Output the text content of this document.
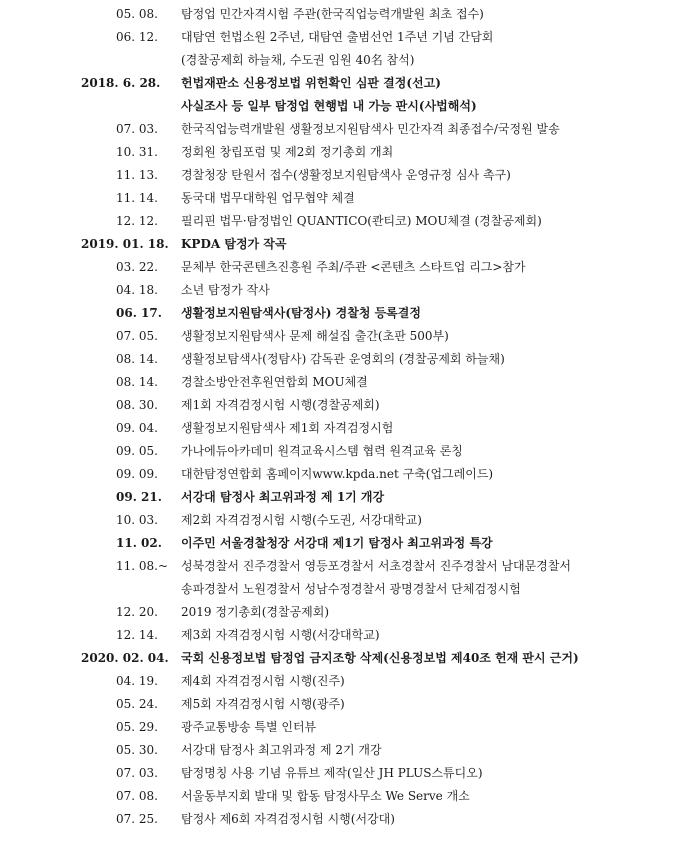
05. 08. 탐정업 민간자격시험 주관(한국직업능력개발원 최초 접수)
06. 12. 대탐연 헌법소원 2주년, 대탐연 출범선언 1주년 기념 간담회
(경찰공제회 하늘채, 수도권 임원 40名 참석)
2018. 6. 28. 헌법재판소 신용정보법 위헌확인 심판 결정(선고)
사실조사 등 일부 탐정업 현행법 내 가능 판시(사법해석)
07. 03. 한국직업능력개발원 생활정보지원탐색사 민간자격 최종접수/국정원 발송
10. 31. 정회원 창립포럼 및 제2회 정기총회 개최
11. 13. 경찰청장 탄원서 접수(생활정보지원탐색사 운영규정 심사 촉구)
11. 14. 동국대 법무대학원 업무협약 체결
12. 12. 필리핀 법무·탐정법인 QUANTICO(콴티코) MOU체결 (경찰공제회)
2019. 01. 18. KPDA 탐정가 작곡
03. 22. 문체부 한국콘텐츠진흥원 주최/주관 <콘텐츠 스타트업 리그>참가
04. 18. 소년 탐정가 작사
06. 17. 생활정보지원탐색사(탐정사) 경찰청 등록결정
07. 05. 생활정보지원탐색사 문제 해설집 출간(초판 500부)
08. 14. 생활정보탐색사(정탐사) 감독관 운영회의 (경찰공제회 하늘채)
08. 14. 경찰소방안전후원연합회 MOU체결
08. 30. 제1회 자격검정시험 시행(경찰공제회)
09. 04. 생활정보지원탐색사 제1회 자격검정시험
09. 05. 가나에듀아카데미 원격교육시스템 협력 원격교육 론칭
09. 09. 대한탐정연합회 홈페이지www.kpda.net 구축(업그레이드)
09. 21. 서강대 탐정사 최고위과정 제 1기 개강
10. 03. 제2회 자격검정시험 시행(수도권, 서강대학교)
11. 02. 이주민 서울경찰청장 서강대 제1기 탐정사 최고위과정 특강
11. 08.~ 성북경찰서 진주경찰서 영등포경찰서 서초경찰서 진주경찰서 남대문경찰서
송파경찰서 노원경찰서 성남수정경찰서 광명경찰서 단체검정시험
12. 20. 2019 정기총회(경찰공제회)
12. 14. 제3회 자격검정시험 시행(서강대학교)
2020. 02. 04. 국회 신용정보법 탐정업 금지조항 삭제(신용정보법 제40조 헌재 판시 근거)
04. 19. 제4회 자격검정시험 시행(진주)
05. 24. 제5회 자격검정시험 시행(광주)
05. 29. 광주교통방송 특별 인터뷰
05. 30. 서강대 탐정사 최고위과정 제 2기 개강
07. 03. 탐정명칭 사용 기념 유튜브 제작(일산 JH PLUS스튜디오)
07. 08. 서울동부지회 발대 및 합동 탐정사무소 We Serve 개소
07. 25. 탐정사 제6회 자격검정시험 시행(서강대)
